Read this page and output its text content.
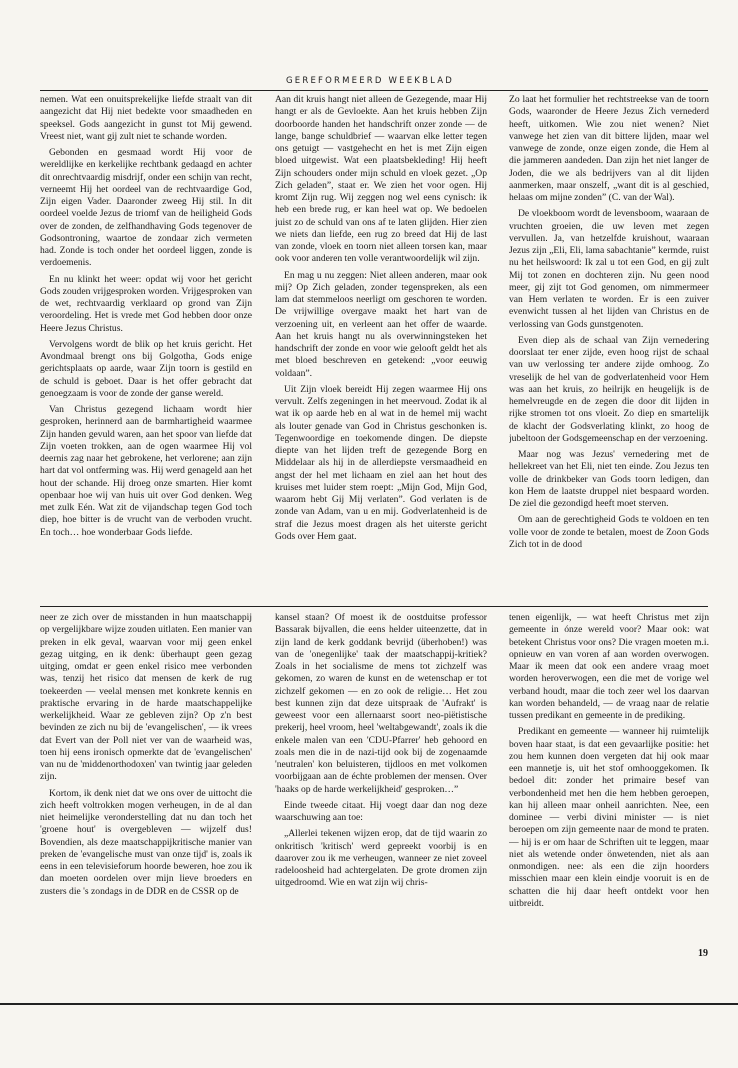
GEREFORMEERD WEEKBLAD

nemen. Wat een onuitsprekelijke liefde straalt van dit aangezicht dat Hij niet bedekte voor smaadheden en speeksel. Gods aangezicht in gunst tot Mij gewend. Vreest niet, want gij zult niet te schande worden.

Gebonden en gesmaad wordt Hij voor de wereldlijke en kerkelijke rechtbank gedaagd en achter dit onrechtvaardig misdrijf, onder een schijn van recht, verneemt Hij het oordeel van de rechtvaardige God, Zijn eigen Vader. Daaronder zweeg Hij stil. In dit oordeel voelde Jezus de triomf van de heiligheid Gods over de zonden, de zelfhandhaving Gods tegenover de Godsontroning, waartoe de zondaar zich vermeten had. Zonde is toch onder het oordeel liggen, zonde is verdoemenis.

En nu klinkt het weer: opdat wij voor het gericht Gods zouden vrijgesproken worden. Vrijgesproken van de wet, rechtvaardig verklaard op grond van Zijn veroordeling. Het is vrede met God hebben door onze Heere Jezus Christus.

Vervolgens wordt de blik op het kruis gericht. Het Avondmaal brengt ons bij Golgotha, Gods enige gerichtsplaats op aarde, waar Zijn toorn is gestild en de schuld is geboet. Daar is het offer gebracht dat genoegzaam is voor de zonde der ganse wereld.

Van Christus gezegend lichaam wordt hier gesproken, herinnerd aan de barmhartigheid waarmee Zijn handen gevuld waren, aan het spoor van liefde dat Zijn voeten trokken, aan de ogen waarmee Hij vol deernis zag naar het gebrokene, het verlorene; aan zijn hart dat vol ontferming was. Hij werd genageld aan het hout der schande. Hij droeg onze smarten. Hier komt openbaar hoe wij van huis uit over God denken. Weg met zulk Eén. Wat zit de vijandschap tegen God toch diep, hoe bitter is de vrucht van de verboden vrucht. En toch… hoe wonderbaar Gods liefde.

Aan dit kruis hangt niet alleen de Gezegende, maar Hij hangt er als de Gevloekte. Aan het kruis hebben Zijn doorboorde handen het handschrift onzer zonde — de lange, bange schuldbrief — waarvan elke letter tegen ons getuigt — vastgehecht en het is met Zijn eigen bloed uitgewist. Wat een plaatsbekleding! Hij heeft Zijn schouders onder mijn schuld en vloek gezet. „Op Zich geladen”, staat er. We zien het voor ogen. Hij kromt Zijn rug. Wij zeggen nog wel eens cynisch: ik heb een brede rug, er kan heel wat op. We bedoelen juist zo de schuld van ons af te laten glijden. Hier zien we niets dan liefde, een rug zo breed dat Hij de last van zonde, vloek en toorn niet alleen torsen kan, maar ook voor anderen ten volle verantwoordelijk wil zijn.

En mag u nu zeggen: Niet alleen anderen, maar ook mij? Op Zich geladen, zonder tegenspreken, als een lam dat stemmeloos neerligt om geschoren te worden. De vrijwillige overgave maakt het hart van de verzoening uit, en verleent aan het offer de waarde. Aan het kruis hangt nu als overwinningsteken het handschrift der zonde en voor wie gelooft geldt het als met bloed beschreven en getekend: „voor eeuwig voldaan”.

Uit Zijn vloek bereidt Hij zegen waarmee Hij ons vervult. Zelfs zegeningen in het meervoud. Zodat ik al wat ik op aarde heb en al wat in de hemel mij wacht als louter genade van God in Christus geschonken is. Tegenwoordige en toekomende dingen. De diepste diepte van het lijden treft de gezegende Borg en Middelaar als hij in de allerdiepste versmaadheid en angst der hel met lichaam en ziel aan het hout des kruises met luider stem roept: „Mijn God, Mijn God, waarom hebt Gij Mij verlaten”. God verlaten is de zonde van Adam, van u en mij. Godverlatenheid is de straf die Jezus moest dragen als het uiterste gericht Gods over Hem gaat.

Zo laat het formulier het rechtstreekse van de toorn Gods, waaronder de Heere Jezus Zich vernederd heeft, uitkomen. Wie zou niet wenen? Niet vanwege het zien van dit bittere lijden, maar wel vanwege de zonde, onze eigen zonde, die Hem al die jammeren aandeden. Dan zijn het niet langer de Joden, die we als bedrijvers van al dit lijden aanmerken, maar onszelf, „want dit is al geschied, helaas om mijne zonden” (C. van der Wal).

De vloekboom wordt de levensboom, waaraan de vruchten groeien, die uw leven met zegen vervullen. Ja, van hetzelfde kruishout, waaraan Jezus zijn „Eli, Eli, lama sabachtanie” kermde, ruist nu het heilswoord: Ik zal u tot een God, en gij zult Mij tot zonen en dochteren zijn. Nu geen nood meer, gij zijt tot God genomen, om nimmermeer van Hem verlaten te worden. Er is een zuiver evenwicht tussen al het lijden van Christus en de verlossing van Gods gunstgenoten.

Even diep als de schaal van Zijn vernedering doorslaat ter ener zijde, even hoog rijst de schaal van uw verlossing ter andere zijde omhoog. Zo vreselijk de hel van de godverlatenheid voor Hem was aan het kruis, zo heilrijk en heugelijk is de hemelvreugde en de zegen die door dit lijden in rijke stromen tot ons vloeit. Zo diep en smartelijk de klacht der Godsverlating klinkt, zo hoog de jubeltoon der Godsgemeenschap en der verzoening.

Maar nog was Jezus' vernedering met de hellekreet van het Eli, niet ten einde. Zou Jezus ten volle de drinkbeker van Gods toorn ledigen, dan kon Hem de laatste druppel niet bespaard worden. De ziel die gezondigd heeft moet sterven.

Om aan de gerechtigheid Gods te voldoen en ten volle voor de zonde te betalen, moest de Zoon Gods Zich tot in de dood

neer ze zich over de misstanden in hun maatschappij op vergelijkbare wijze zouden uitlaten. Een manier van preken in elk geval, waarvan voor mij geen enkel gezag uitging, en ik denk: überhaupt geen gezag uitging, omdat er geen enkel risico mee verbonden was, tenzij het risico dat mensen de kerk de rug toekeerden — veelal mensen met konkrete kennis en praktische ervaring in de harde maatschappelijke werkelijkheid. Waar ze gebleven zijn? Op z'n best bevinden ze zich nu bij de 'evangelischen', — ik vrees dat Evert van der Poll niet ver van de waarheid was, toen hij eens ironisch opmerkte dat de 'evangelischen' van nu de 'middenorthodoxen' van twintig jaar geleden zijn.

Kortom, ik denk niet dat we ons over de uittocht die zich heeft voltrokken mogen verheugen, in de al dan niet heimelijke veronderstelling dat nu dan toch het 'groene hout' is overgebleven — wijzelf dus! Bovendien, als deze maatschappijkritische manier van preken de 'evangelische must van onze tijd' is, zoals ik eens in een televisieforum hoorde beweren, hoe zou ik dan moeten oordelen over mijn lieve broeders en zusters die 's zondags in de DDR en de CSSR op de

kansel staan? Of moest ik de oostduitse professor Bassarak bijvallen, die eens helder uiteenzette, dat in zijn land de kerk goddank bevrijd (überhoben!) was van de 'onegenlijke' taak der maatschappij-kritiek? Zoals in het socialisme de mens tot zichzelf was gekomen, zo waren de kunst en de wetenschap er tot zichzelf gekomen — en zo ook de religie… Het zou best kunnen zijn dat deze uitspraak de 'Aufrakt' is geweest voor een allernaarst soort neo-piëtistische prekerij, heel vroom, heel 'weltabgewandt', zoals ik die enkele malen van een 'CDU-Pfarrer' heb gehoord en zoals men die in de nazi-tijd ook bij de zogenaamde 'neutralen' kon beluisteren, tijdloos en met volkomen voorbijgaan aan de échte problemen der mensen. Over 'haaks op de harde werkelijkheid' gesproken…”

Einde tweede citaat. Hij voegt daar dan nog deze waarschuwing aan toe:

„Allerlei tekenen wijzen erop, dat de tijd waarin zo onkritisch 'kritisch' werd gepreekt voorbij is en daarover zou ik me verheugen, wanneer ze niet zoveel radeloosheid had achtergelaten. De grote dromen zijn uitgedroomd. Wie en wat zijn wij chris-

tenen eigenlijk, — wat heeft Christus met zijn gemeente in ónze wereld voor? Maar ook: wat betekent Christus voor ons? Die vragen moeten m.i. opnieuw en van voren af aan worden overwogen. Maar ik meen dat ook een andere vraag moet worden heroverwogen, een die met de vorige wel verband houdt, maar die toch zeer wel los daarvan kan worden behandeld, — de vraag naar de relatie tussen predikant en gemeente in de prediking.

Predikant en gemeente — wanneer hij ruimtelijk boven haar staat, is dat een gevaarlijke positie: het zou hem kunnen doen vergeten dat hij ook maar een mannetje is, uit het stof omhooggekomen. Ik bedoel dit: zonder het primaire besef van verbondenheid met hen die hem hebben geroepen, kan hij alleen maar onheil aanrichten. Nee, een dominee — verbi divini minister — is niet beroepen om zijn gemeente naar de mond te praten. — hij is er om haar de Schriften uit te leggen, maar niet als wetende onder önwetenden, niet als aan onmondigen. nee: als een die zijn hoorders misschien maar een klein eindje vooruit is en de schatten die hij daar heeft ontdekt voor hen uitbreidt.

19
